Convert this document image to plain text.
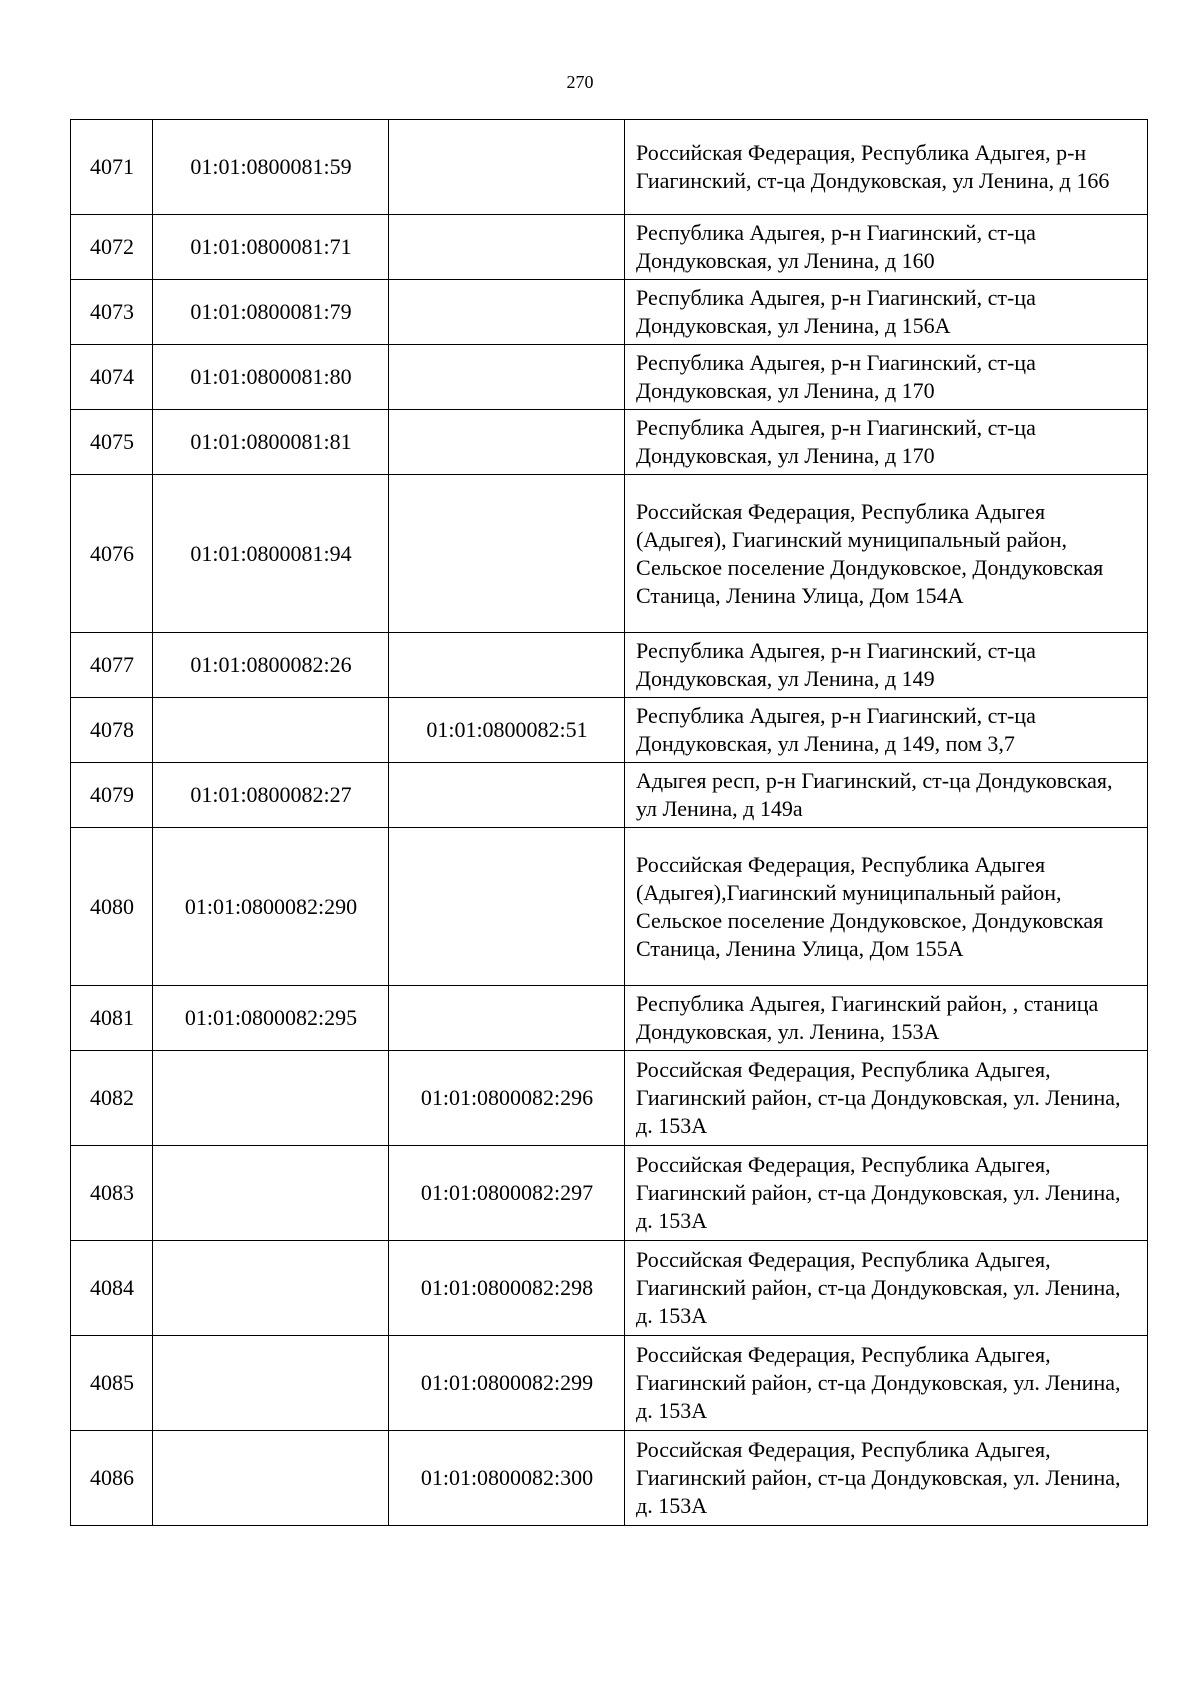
270
4071	01:01:0800081:59		Российская Федерация, Республика Адыгея, р-н Гиагинский, ст-ца Дондуковская, ул Ленина, д 166
4072	01:01:0800081:71		Республика Адыгея, р-н Гиагинский, ст-ца Дондуковская, ул Ленина, д 160
4073	01:01:0800081:79		Республика Адыгея, р-н Гиагинский, ст-ца Дондуковская, ул Ленина, д 156А
4074	01:01:0800081:80		Республика Адыгея, р-н Гиагинский, ст-ца Дондуковская, ул Ленина, д 170
4075	01:01:0800081:81		Республика Адыгея, р-н Гиагинский, ст-ца Дондуковская, ул Ленина, д 170
4076	01:01:0800081:94		Российская Федерация, Республика Адыгея (Адыгея), Гиагинский муниципальный район, Сельское поселение Дондуковское, Дондуковская Станица, Ленина Улица, Дом 154А
4077	01:01:0800082:26		Республика Адыгея, р-н Гиагинский, ст-ца Дондуковская, ул Ленина, д 149
4078		01:01:0800082:51	Республика Адыгея, р-н Гиагинский, ст-ца Дондуковская, ул Ленина, д 149, пом 3,7
4079	01:01:0800082:27		Адыгея респ, р-н Гиагинский, ст-ца Дондуковская, ул Ленина, д 149а
4080	01:01:0800082:290		Российская Федерация, Республика Адыгея (Адыгея),Гиагинский муниципальный район, Сельское поселение Дондуковское, Дондуковская Станица, Ленина Улица, Дом 155А
4081	01:01:0800082:295		Республика Адыгея, Гиагинский район, , станица Дондуковская, ул. Ленина, 153А
4082		01:01:0800082:296	Российская Федерация, Республика Адыгея, Гиагинский район, ст-ца Дондуковская, ул. Ленина, д. 153А
4083		01:01:0800082:297	Российская Федерация, Республика Адыгея, Гиагинский район, ст-ца Дондуковская, ул. Ленина, д. 153А
4084		01:01:0800082:298	Российская Федерация, Республика Адыгея, Гиагинский район, ст-ца Дондуковская, ул. Ленина, д. 153А
4085		01:01:0800082:299	Российская Федерация, Республика Адыгея, Гиагинский район, ст-ца Дондуковская, ул. Ленина, д. 153А
4086		01:01:0800082:300	Российская Федерация, Республика Адыгея, Гиагинский район, ст-ца Дондуковская, ул. Ленина, д. 153А
